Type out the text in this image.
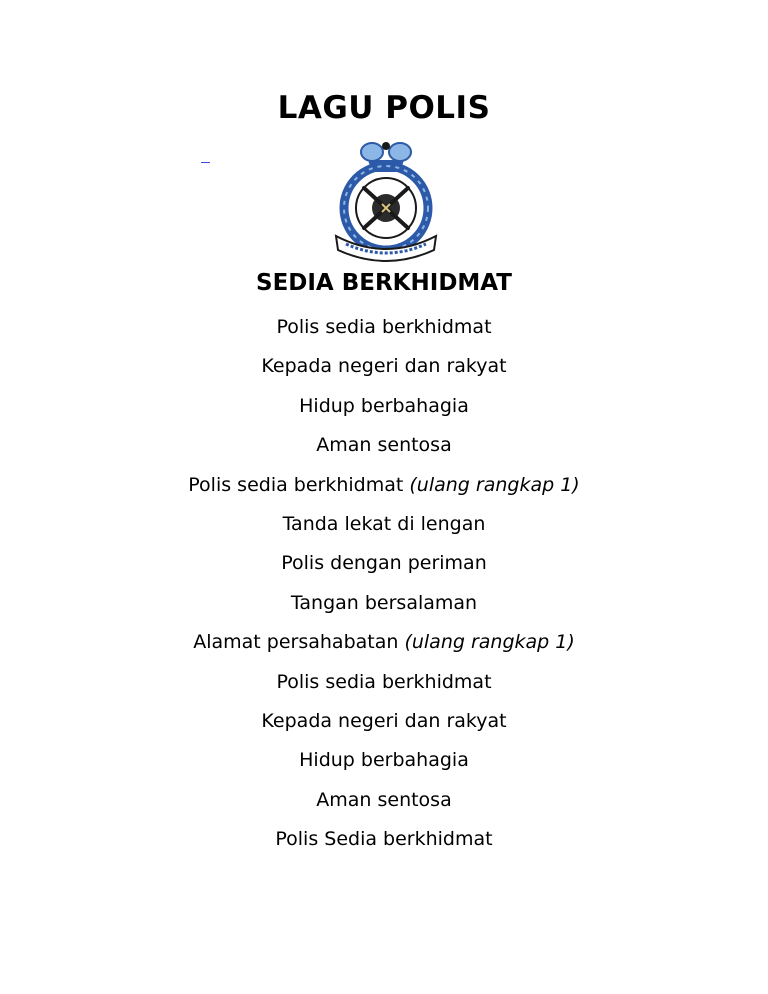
LAGU POLIS
SEDIA BERKHIDMAT
Polis sedia berkhidmat
Kepada negeri dan rakyat
Hidup berbahagia
Aman sentosa
Polis sedia berkhidmat (ulang rangkap 1)
Tanda lekat di lengan
Polis dengan periman
Tangan bersalaman
Alamat persahabatan (ulang rangkap 1)
Polis sedia berkhidmat
Kepada negeri dan rakyat
Hidup berbahagia
Aman sentosa
Polis Sedia berkhidmat
